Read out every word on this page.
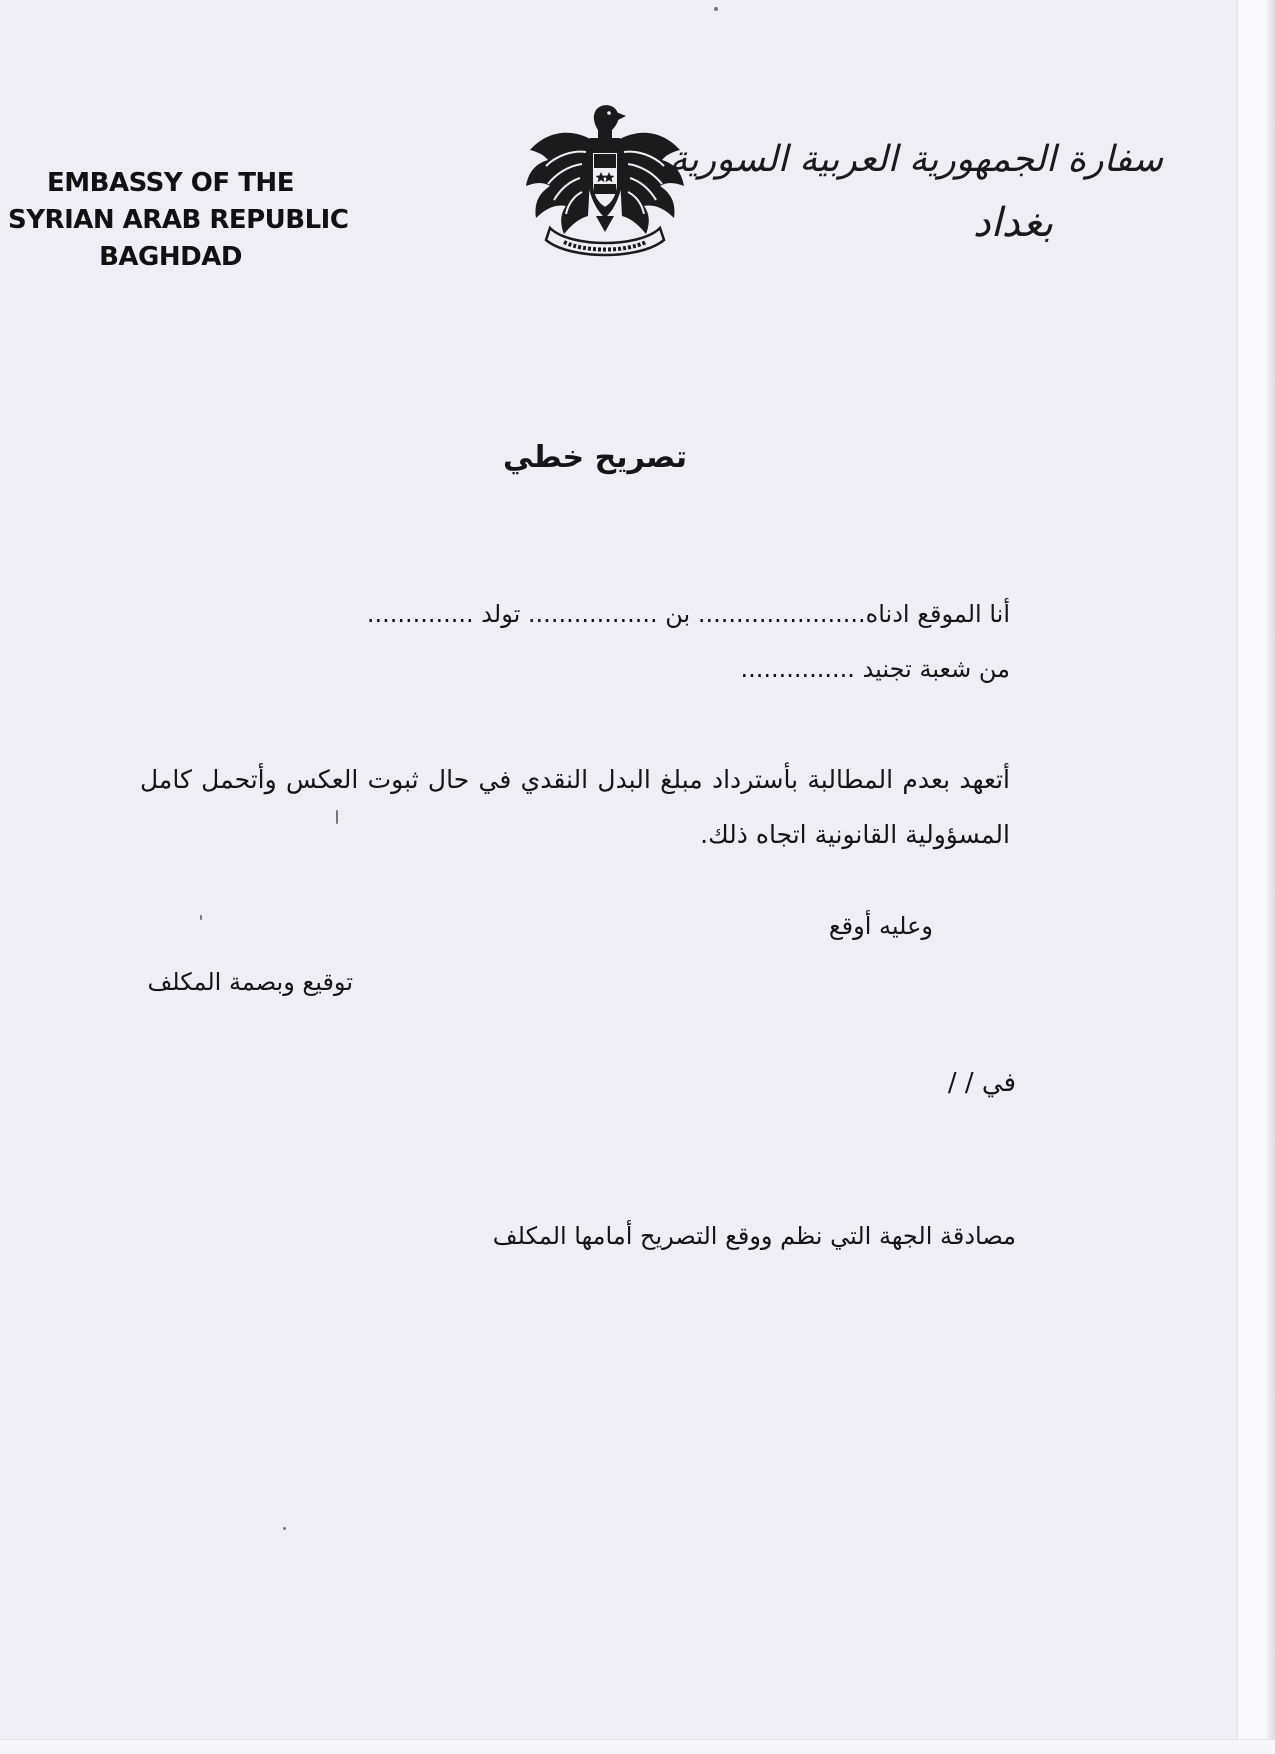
EMBASSY OF THE
SYRIAN ARAB REPUBLIC
BAGHDAD
سفارة الجمهورية العربية السورية
بغداد
تصريح خطي
أنا الموقع ادناه...................... بن ................. تولد ..............
من شعبة تجنيد ...............
أتعهد بعدم المطالبة بأسترداد مبلغ البدل النقدي في حال ثبوت العكس وأتحمل كامل المسؤولية القانونية اتجاه ذلك.
وعليه أوقع
توقيع وبصمة المكلف
في / /
مصادقة الجهة التي نظم ووقع التصريح أمامها المكلف
